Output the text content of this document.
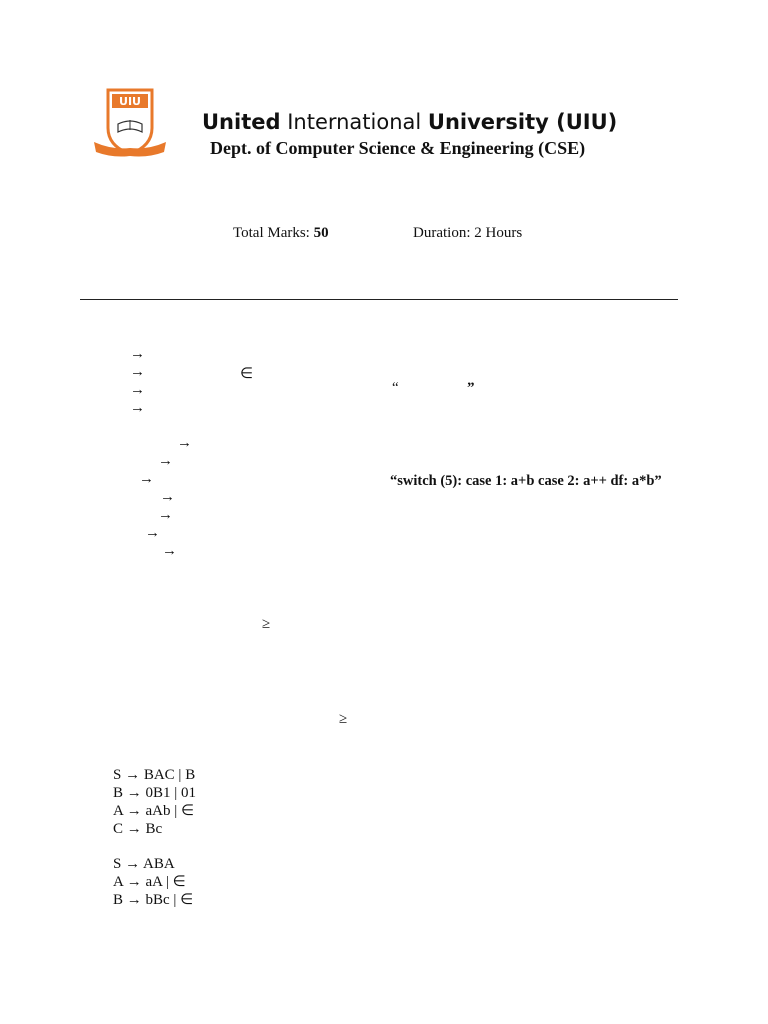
UIU
United International University (UIU)
Dept. of Computer Science & Engineering (CSE)
Total Marks: 50	Duration: 2 Hours
→
→	∈
→	“	”
→
→
→
→	“switch (5): case 1: a+b case 2: a++ df: a*b”
→
→
→
→
≥
≥
S → BAC | B
B → 0B1 | 01
A → aAb | ∈
C → Bc
S → ABA
A → aA | ∈
B → bBc | ∈
